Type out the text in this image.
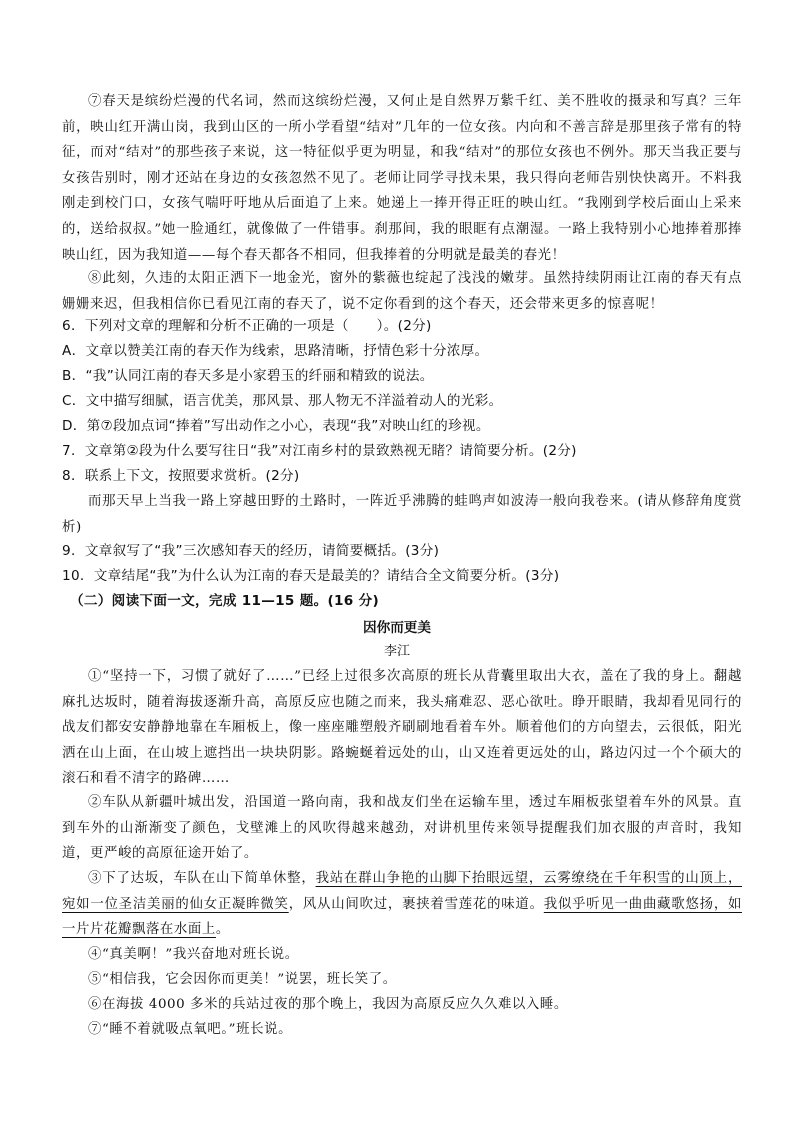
⑦春天是缤纷烂漫的代名词，然而这缤纷烂漫，又何止是自然界万紫千红、美不胜收的摄录和写真？三年前，映山红开满山岗，我到山区的一所小学看望“结对”几年的一位女孩。内向和不善言辞是那里孩子常有的特征，而对“结对”的那些孩子来说，这一特征似乎更为明显，和我“结对”的那位女孩也不例外。那天当我正要与女孩告别时，刚才还站在身边的女孩忽然不见了。老师让同学寻找未果，我只得向老师告别快快离开。不料我刚走到校门口，女孩气喘吁吁地从后面追了上来。她递上一捧开得正旺的映山红。“我刚到学校后面山上采来的，送给叔叔。”她一脸通红，就像做了一件错事。刹那间，我的眼眶有点潮湿。一路上我特别小心地捧着那捧映山红，因为我知道——每个春天都各不相同，但我捧着的分明就是最美的春光！
⑧此刻，久违的太阳正洒下一地金光，窗外的紫薇也绽起了浅浅的嫩芽。虽然持续阴雨让江南的春天有点姗姗来迟，但我相信你已看见江南的春天了，说不定你看到的这个春天，还会带来更多的惊喜呢！
6．下列对文章的理解和分析不正确的一项是（　　）。(2分)
A．文章以赞美江南的春天作为线索，思路清晰，抒情色彩十分浓厚。
B．“我”认同江南的春天多是小家碧玉的纤丽和精致的说法。
C．文中描写细腻，语言优美，那风景、那人物无不洋溢着动人的光彩。
D．第⑦段加点词“捧着”写出动作之小心，表现“我”对映山红的珍视。
7．文章第②段为什么要写往日“我”对江南乡村的景致熟视无睹？请简要分析。(2分)
8．联系上下文，按照要求赏析。(2分)
而那天早上当我一路上穿越田野的土路时，一阵近乎沸腾的蛙鸣声如波涛一般向我卷来。(请从修辞角度赏析)
9．文章叙写了“我”三次感知春天的经历，请简要概括。(3分)
10．文章结尾“我”为什么认为江南的春天是最美的？请结合全文简要分析。(3分)
（二）阅读下面一文，完成 11—15 题。(16 分)
因你而更美
李江
①“坚持一下，习惯了就好了……”已经上过很多次高原的班长从背囊里取出大衣，盖在了我的身上。翻越麻扎达坂时，随着海拔逐渐升高，高原反应也随之而来，我头痛难忍、恶心欲吐。睁开眼睛，我却看见同行的战友们都安安静静地靠在车厢板上，像一座座雕塑般齐刷刷地看着车外。顺着他们的方向望去，云很低，阳光洒在山上面，在山坡上遮挡出一块块阴影。路蜿蜒着远处的山，山又连着更远处的山，路边闪过一个个硕大的滚石和看不清字的路碑……
②车队从新疆叶城出发，沿国道一路向南，我和战友们坐在运输车里，透过车厢板张望着车外的风景。直到车外的山渐渐变了颜色，戈壁滩上的风吹得越来越劲，对讲机里传来领导提醒我们加衣服的声音时，我知道，更严峻的高原征途开始了。
③下了达坂，车队在山下简单休整，我站在群山争艳的山脚下抬眼远望，云雾缭绕在千年积雪的山顶上，宛如一位圣洁美丽的仙女正凝眸微笑，风从山间吹过，裹挟着雪莲花的味道。我似乎听见一曲曲藏歌悠扬，如一片片花瓣飘落在水面上。
④“真美啊！”我兴奋地对班长说。
⑤“相信我，它会因你而更美！”说罢，班长笑了。
⑥在海拔 4000 多米的兵站过夜的那个晚上，我因为高原反应久久难以入睡。
⑦“睡不着就吸点氧吧。”班长说。
